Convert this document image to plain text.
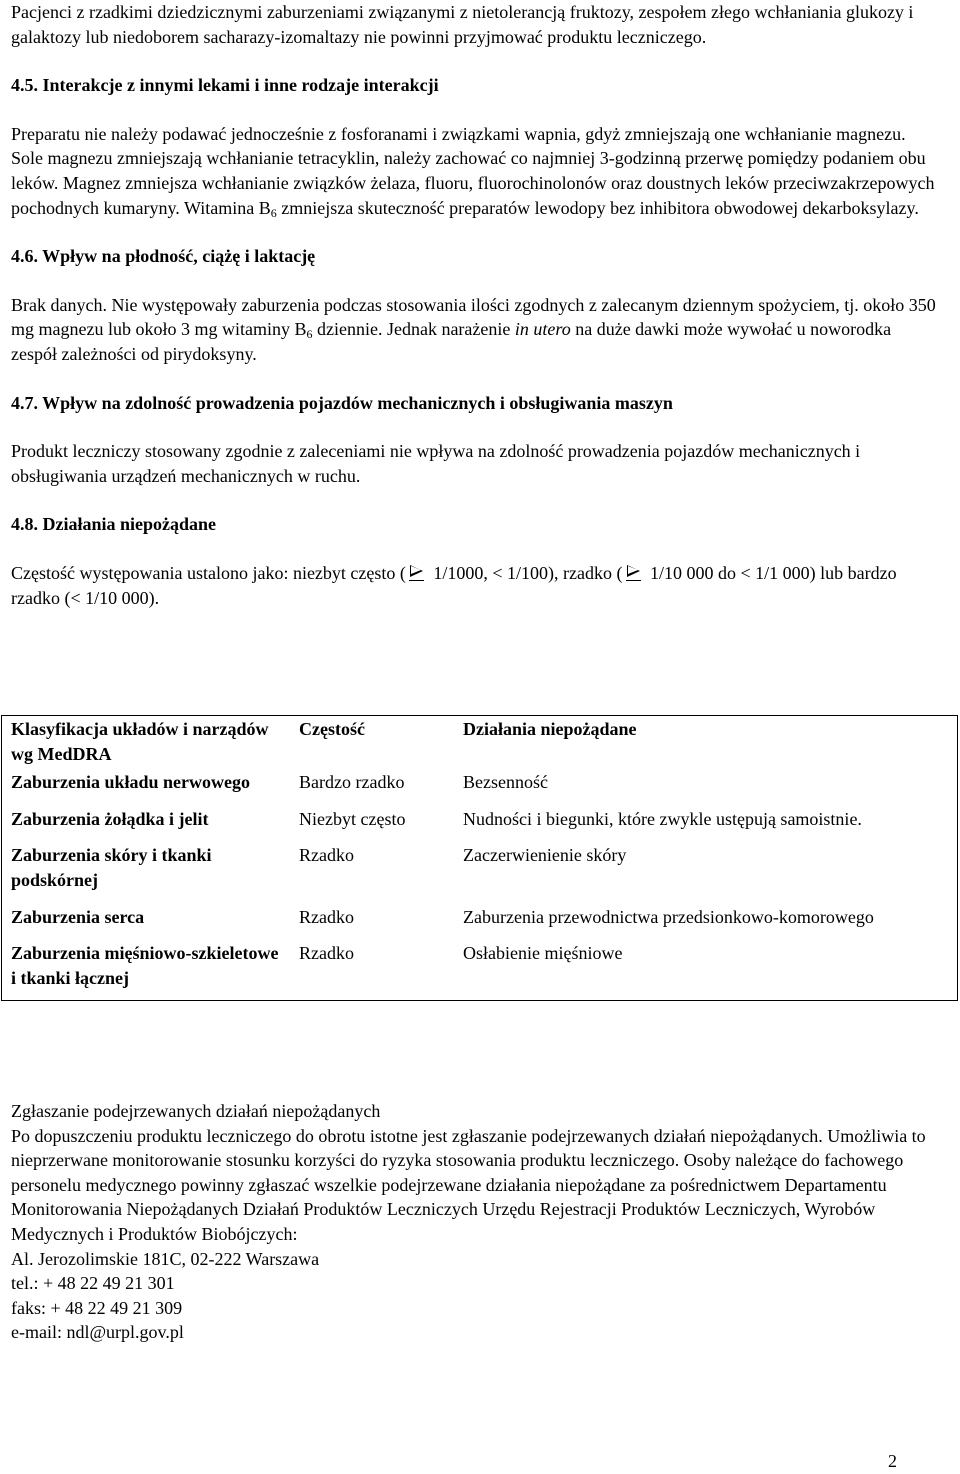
Pacjenci z rzadkimi dziedzicznymi zaburzeniami związanymi z nietolerancją fruktozy, zespołem złego wchłaniania glukozy i galaktozy lub niedoborem sacharazy-izomaltazy nie powinni przyjmować produktu leczniczego.

4.5. Interakcje z innymi lekami i inne rodzaje interakcji

Preparatu nie należy podawać jednocześnie z fosforanami i związkami wapnia, gdyż zmniejszają one wchłanianie magnezu. Sole magnezu zmniejszają wchłanianie tetracyklin, należy zachować co najmniej 3-godzinną przerwę pomiędzy podaniem obu leków. Magnez zmniejsza wchłanianie związków żelaza, fluoru, fluorochinolonów oraz doustnych leków przeciwzakrzepowych pochodnych kumaryny. Witamina $B_6$ zmniejsza skuteczność preparatów lewodopy bez inhibitora obwodowej dekarboksylazy.

4.6. Wpływ na płodność, ciążę i laktację

Brak danych. Nie występowały zaburzenia podczas stosowania ilości zgodnych z zalecanym dziennym spożyciem, tj. około 350 mg magnezu lub około 3 mg witaminy $B_6$ dziennie. Jednak narażenie in utero na duże dawki może wywołać u noworodka zespół zależności od pirydoksyny.

4.7. Wpływ na zdolność prowadzenia pojazdów mechanicznych i obsługiwania maszyn

Produkt leczniczy stosowany zgodnie z zaleceniami nie wpływa na zdolność prowadzenia pojazdów mechanicznych i obsługiwania urządzeń mechanicznych w ruchu.

4.8. Działania niepożądane

Częstość występowania ustalono jako: niezbyt często (
1/1000, < 1/100), rzadko (
1/10 000 do < 1/1 000) lub bardzo rzadko (< 1/10 000).

Klasyfikacja układów i narządów wg MedDRA	Częstość	Działania niepożądane
Zaburzenia układu nerwowego	Bardzo rzadko	Bezsenność
Zaburzenia żołądka i jelit	Niezbyt często	Nudności i biegunki, które zwykle ustępują samoistnie.
Zaburzenia skóry i tkanki podskórnej	Rzadko	Zaczerwienienie skóry
Zaburzenia serca	Rzadko	Zaburzenia przewodnictwa przedsionkowo-komorowego
Zaburzenia mięśniowo-szkieletowe i tkanki łącznej	Rzadko	Osłabienie mięśniowe

Zgłaszanie podejrzewanych działań niepożądanych

Po dopuszczeniu produktu leczniczego do obrotu istotne jest zgłaszanie podejrzewanych działań niepożądanych. Umożliwia to nieprzerwane monitorowanie stosunku korzyści do ryzyka stosowania produktu leczniczego. Osoby należące do fachowego personelu medycznego powinny zgłaszać wszelkie podejrzewane działania niepożądane za pośrednictwem Departamentu Monitorowania Niepożądanych Działań Produktów Leczniczych Urzędu Rejestracji Produktów Leczniczych, Wyrobów Medycznych i Produktów Biobójczych:

Al. Jerozolimskie 181C, 02-222 Warszawa

tel.: + 48 22 49 21 301

faks: + 48 22 49 21 309

e-mail: ndl@urpl.gov.pl

2
